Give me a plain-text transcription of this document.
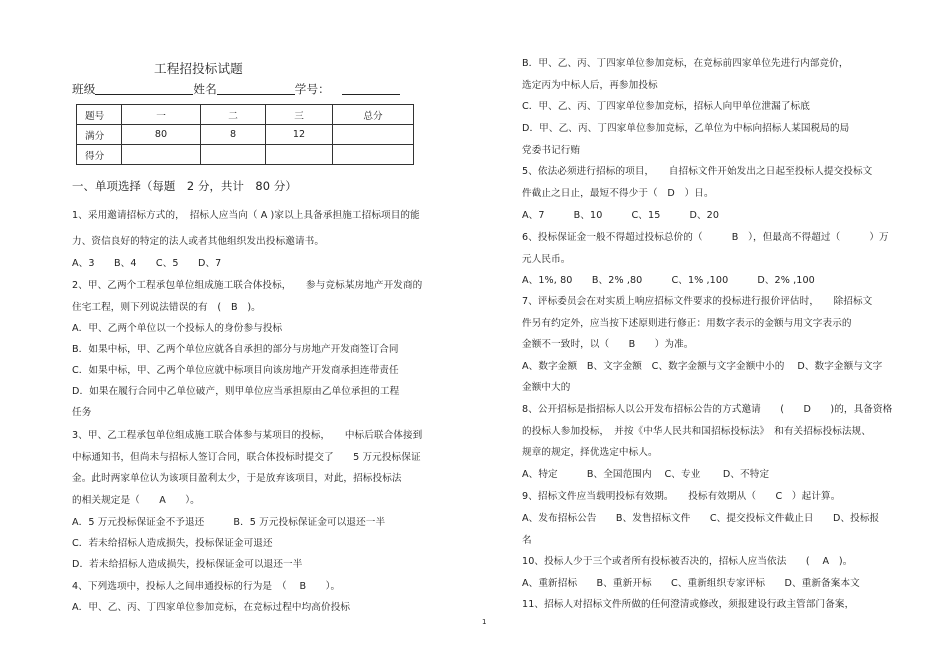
工程招投标试题
班级	姓名	学号：
题号	一	二	三	总分

满分	80	8	12	

得分				

一、单项选择（每题　2 分，共计　80 分）
1、采用邀请招标方式的，　招标人应当向（ A )家以上具备承担施工招标项目的能
力、资信良好的特定的法人或者其他组织发出投标邀请书。
A、3　　B、4　　C、5　　D、7
2、甲、乙两个工程承包单位组成施工联合体投标，　　参与竞标某房地产开发商的
住宅工程，则下列说法错误的有　(　B　)。
A．甲、乙两个单位以一个投标人的身份参与投标
B．如果中标，甲、乙两个单位应就各自承担的部分与房地产开发商签订合同
C．如果中标，甲、乙两个单位应就中标项目向该房地产开发商承担连带责任
D．如果在履行合同中乙单位破产，则甲单位应当承担原由乙单位承担的工程
任务
3、甲、乙工程承包单位组成施工联合体参与某项目的投标，　　中标后联合体接到
中标通知书，但尚未与招标人签订合同，联合体投标时提交了　　5 万元投标保证
金。此时两家单位认为该项目盈利太少，于是放弃该项目，对此，招标投标法
的相关规定是（　　A　　）。
A．5 万元投标保证金不予退还　　　B．5 万元投标保证金可以退还一半
C．若未给招标人造成损失，投标保证金可退还
D．若未给招标人造成损失，投标保证金可以退还一半
4、下列选项中，投标人之间串通投标的行为是　（　 B　　）。
A．甲、乙、丙、丁四家单位参加竞标，在竞标过程中均高价投标
B．甲、乙、丙、丁四家单位参加竞标，在竞标前四家单位先进行内部竞价，
选定丙为中标人后，再参加投标
C．甲、乙、丙、丁四家单位参加竞标，招标人向甲单位泄漏了标底
D．甲、乙、丙、丁四家单位参加竞标，乙单位为中标向招标人某国税局的局
党委书记行贿
5、依法必须进行招标的项目，　　自招标文件开始发出之日起至投标人提交投标文
件截止之日止，最短不得少于（　D　）日。
A、7　　　B、10　　　C、15　　　D、20
6、投标保证金一般不得超过投标总价的（　　　B　），但最高不得超过（　　　）万
元人民币。
A、1%, 80　　B、2% ,80　　　C、1% ,100　　　D、2% ,100
7、评标委员会在对实质上响应招标文件要求的投标进行报价评估时，　　除招标文
件另有约定外，应当按下述原则进行修正：用数字表示的金额与用文字表示的
金额不一致时，以（　　B　　）为准。
A、数字金额　B、文字金额　C、数字金额与文字金额中小的　 D、数字金额与文字
金额中大的
8、公开招标是指招标人以公开发布招标公告的方式邀请　　(　　D　　)的，具备资格
的投标人参加投标，　并按《中华人民共和国招标投标法》　和有关招标投标法规、
规章的规定，择优选定中标人。
A、特定　　　B、全国范围内　 C、专业　　 D、不特定
9、招标文件应当载明投标有效期。　　投标有效期从（　　C　）起计算。
A、发布招标公告　　B、发售招标文件　　C、提交投标文件截止日　　D、投标报
名
10、投标人少于三个或者所有投标被否决的，招标人应当依法　　(　 A　)。
A、重新招标　　B、重新开标　　C、重新组织专家评标　　D、重新备案本文
11、招标人对招标文件所做的任何澄清或修改，须报建设行政主管部门备案，
1
